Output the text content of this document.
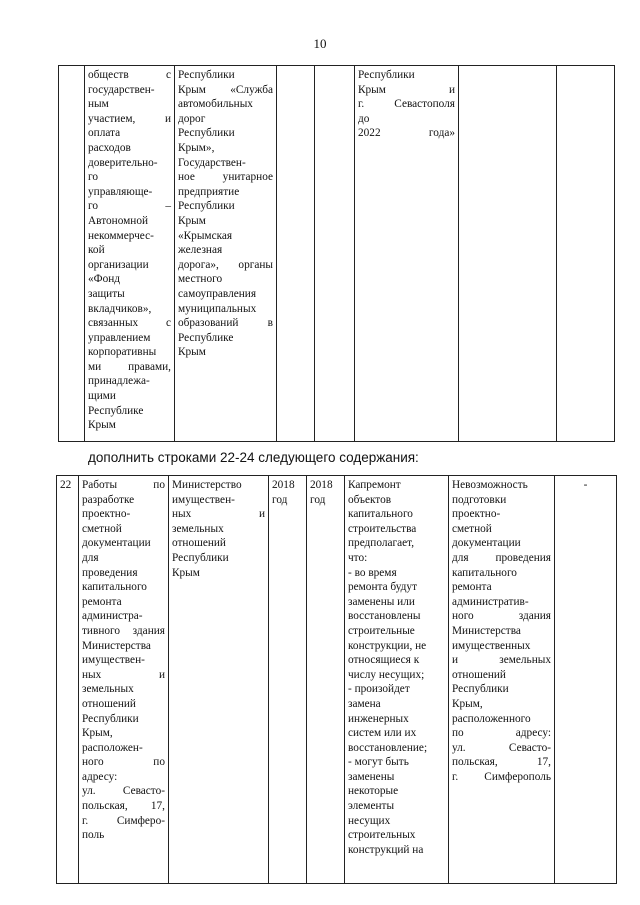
10
	обществ с
государствен-
ным
участием, и
оплата
расходов
доверительно-
го
управляюще-
го –
Автономной
некоммерчес-
кой
организации
«Фонд
защиты
вкладчиков»,
связанных с
управлением
корпоративны
ми правами,
принадлежа-
щими
Республике
Крым	Республики
Крым «Служба
автомобильных
дорог
Республики
Крым»,
Государствен-
ное унитарное
предприятие
Республики
Крым
«Крымская
железная
дорога», органы
местного
самоуправления
муниципальных
образований в
Республике
Крым			Республики
Крым и
г. Севастополя
до
2022 года»		
дополнить строками 22-24 следующего содержания:
22	Работы по
разработке
проектно-
сметной
документации
для
проведения
капитального
ремонта
администра-
тивного здания
Министерства
имуществен-
ных и
земельных
отношений
Республики
Крым,
расположен-
ного по
адресу:
ул. Севасто-
польская, 17,
г. Симферо-
поль	Министерство
имуществен-
ных и
земельных
отношений
Республики
Крым	2018
год	2018
год	Капремонт
объектов
капитального
строительства
предполагает,
что:
- во время
ремонта будут
заменены или
восстановлены
строительные
конструкции, не
относящиеся к
числу несущих;
- произойдет
замена
инженерных
систем или их
восстановление;
- могут быть
заменены
некоторые
элементы
несущих
строительных
конструкций на	Невозможность
подготовки
проектно-
сметной
документации
для проведения
капитального
ремонта
административ-
ного здания
Министерства
имущественных
и земельных
отношений
Республики
Крым,
расположенного
по адресу:
ул. Севасто-
польская, 17,
г. Симферополь	-
